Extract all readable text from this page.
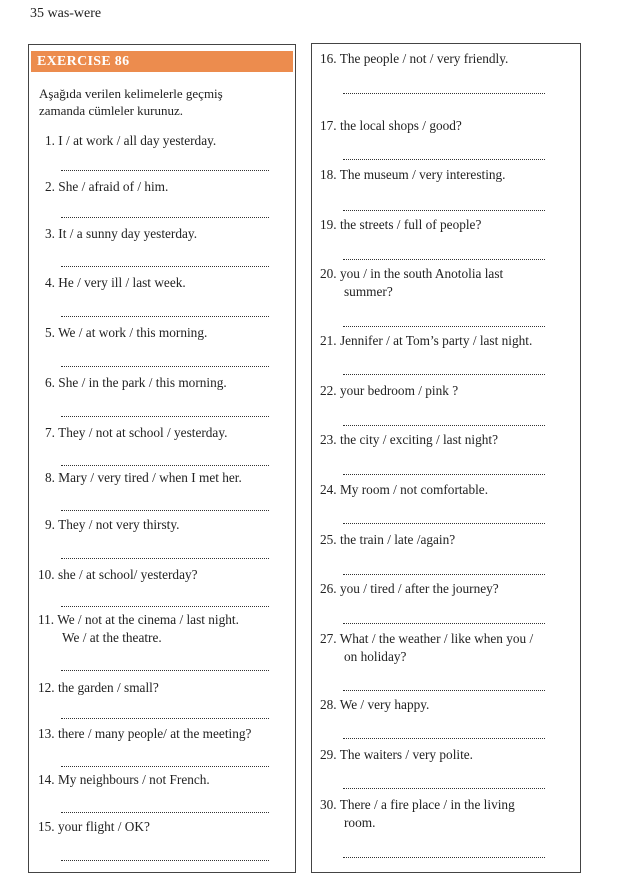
35 was-were
EXERCISE 86
Aşağıda verilen kelimelerle geçmiş
zamanda cümleler kurunuz.
1. I / at work / all day yesterday.
2. She / afraid of / him.
3. It / a sunny day yesterday.
4. He / very ill / last week.
5. We / at work / this morning.
6. She / in the park / this morning.
7. They / not at school / yesterday.
8. Mary / very tired / when I met her.
9. They / not very thirsty.
10. she / at school/ yesterday?
11. We / not at the cinema / last night.
We / at the theatre.
12. the garden / small?
13. there / many people/ at the meeting?
14. My neighbours / not French.
15. your flight / OK?
16. The people / not / very friendly.
17. the local shops / good?
18. The museum / very interesting.
19. the streets / full of people?
20. you / in the south Anotolia last
summer?
21. Jennifer / at Tom’s party / last night.
22. your bedroom / pink ?
23. the city / exciting / last night?
24. My room / not comfortable.
25. the train / late /again?
26. you / tired / after the journey?
27. What / the weather / like when you /
on holiday?
28. We / very happy.
29. The waiters / very polite.
30. There / a fire place / in the living
room.
